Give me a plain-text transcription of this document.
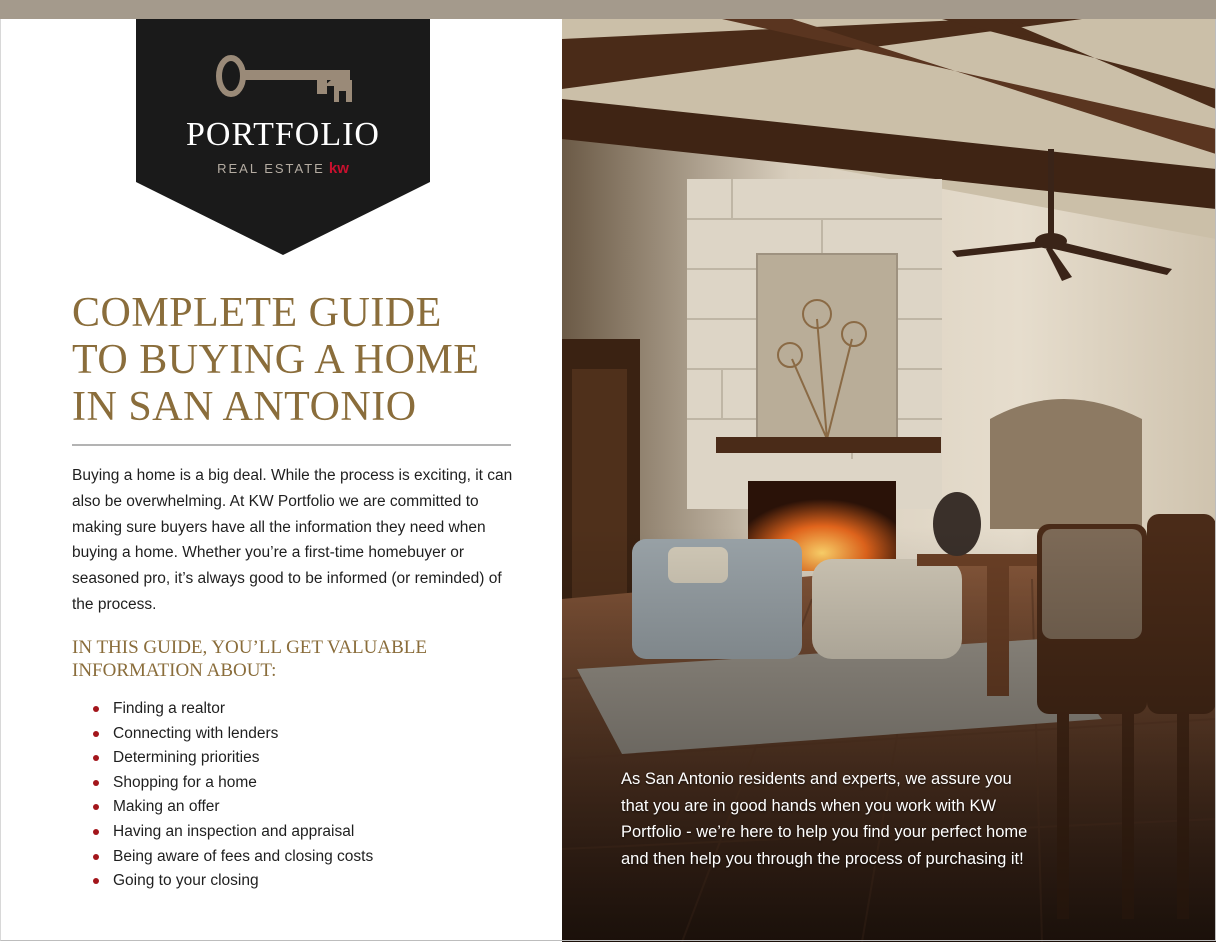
PORTFOLIO
REAL ESTATE kw
COMPLETE GUIDE
TO BUYING A HOME
IN SAN ANTONIO
Buying a home is a big deal. While the process is exciting, it can also be overwhelming. At KW Portfolio we are committed to making sure buyers have all the information they need when buying a home. Whether you’re a first-time homebuyer or seasoned pro, it’s always good to be informed (or reminded) of the process.
IN THIS GUIDE, YOU’LL GET VALUABLE
INFORMATION ABOUT:
Finding a realtor
Connecting with lenders
Determining priorities
Shopping for a home
Making an offer
Having an inspection and appraisal
Being aware of fees and closing costs
Going to your closing
As San Antonio residents and experts, we assure you that you are in good hands when you work with KW Portfolio - we’re here to help you find your perfect home and then help you through the process of purchasing it!
